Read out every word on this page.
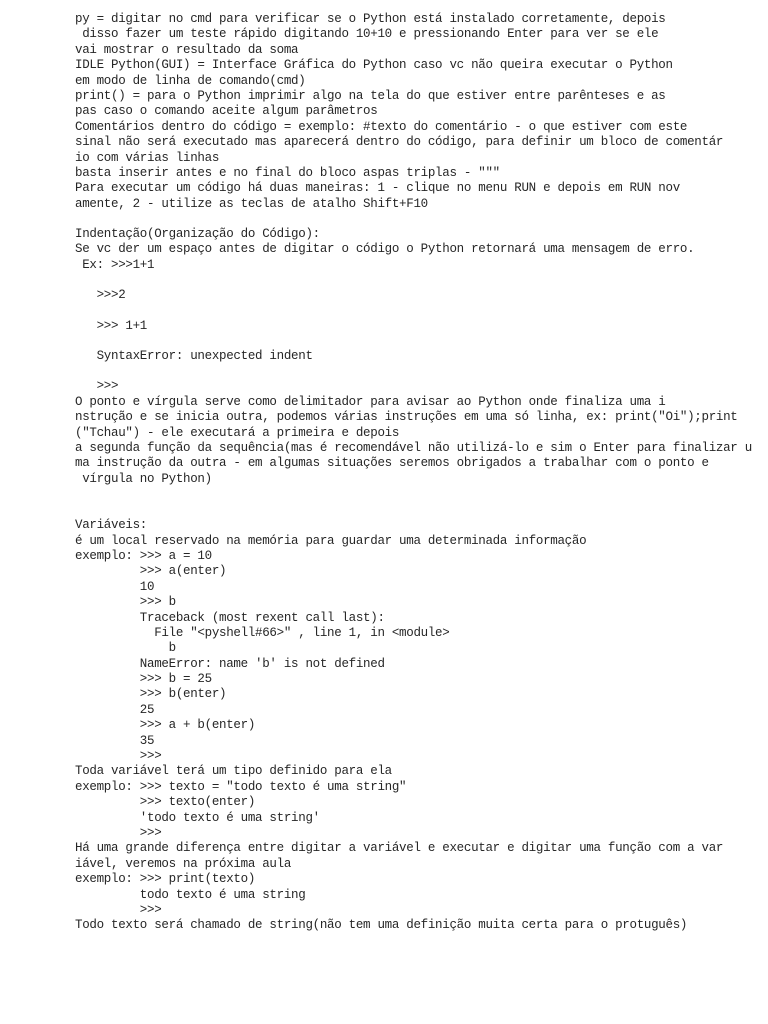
py = digitar no cmd para verificar se o Python está instalado corretamente, depois
disso fazer um teste rápido digitando 10+10 e pressionando Enter para ver se ele
vai mostrar o resultado da soma
IDLE Python(GUI) = Interface Gráfica do Python caso vc não queira executar o Python
em modo de linha de comando(cmd)
print() = para o Python imprimir algo na tela do que estiver entre parênteses e as
pas caso o comando aceite algum parâmetros
Comentários dentro do código = exemplo: #texto do comentário - o que estiver com este
sinal não será executado mas aparecerá dentro do código, para definir um bloco de comentár
io com várias linhas
basta inserir antes e no final do bloco aspas triplas - """
Para executar um código há duas maneiras: 1 - clique no menu RUN e depois em RUN nov
amente, 2 - utilize as teclas de atalho Shift+F10
Indentação(Organização do Código):
Se vc der um espaço antes de digitar o código o Python retornará uma mensagem de erro.
Ex: >>>1+1
>>>2
>>> 1+1
SyntaxError: unexpected indent
>>>
O ponto e vírgula serve como delimitador para avisar ao Python onde finaliza uma i
nstrução e se inicia outra, podemos várias instruções em uma só linha, ex: print("Oi");print
("Tchau") - ele executará a primeira e depois
a segunda função da sequência(mas é recomendável não utilizá-lo e sim o Enter para finalizar u
ma instrução da outra - em algumas situações seremos obrigados a trabalhar com o ponto e
vírgula no Python)
Variáveis:
é um local reservado na memória para guardar uma determinada informação
exemplo: >>> a = 10
>>> a(enter)
10
>>> b
Traceback (most rexent call last):
File "<pyshell#66>" , line 1, in <module>
b
NameError: name 'b' is not defined
>>> b = 25
>>> b(enter)
25
>>> a + b(enter)
35
>>>
Toda variável terá um tipo definido para ela
exemplo: >>> texto = "todo texto é uma string"
>>> texto(enter)
'todo texto é uma string'
>>>
Há uma grande diferença entre digitar a variável e executar e digitar uma função com a var
iável, veremos na próxima aula
exemplo: >>> print(texto)
todo texto é uma string
>>>
Todo texto será chamado de string(não tem uma definição muita certa para o protuguês)
